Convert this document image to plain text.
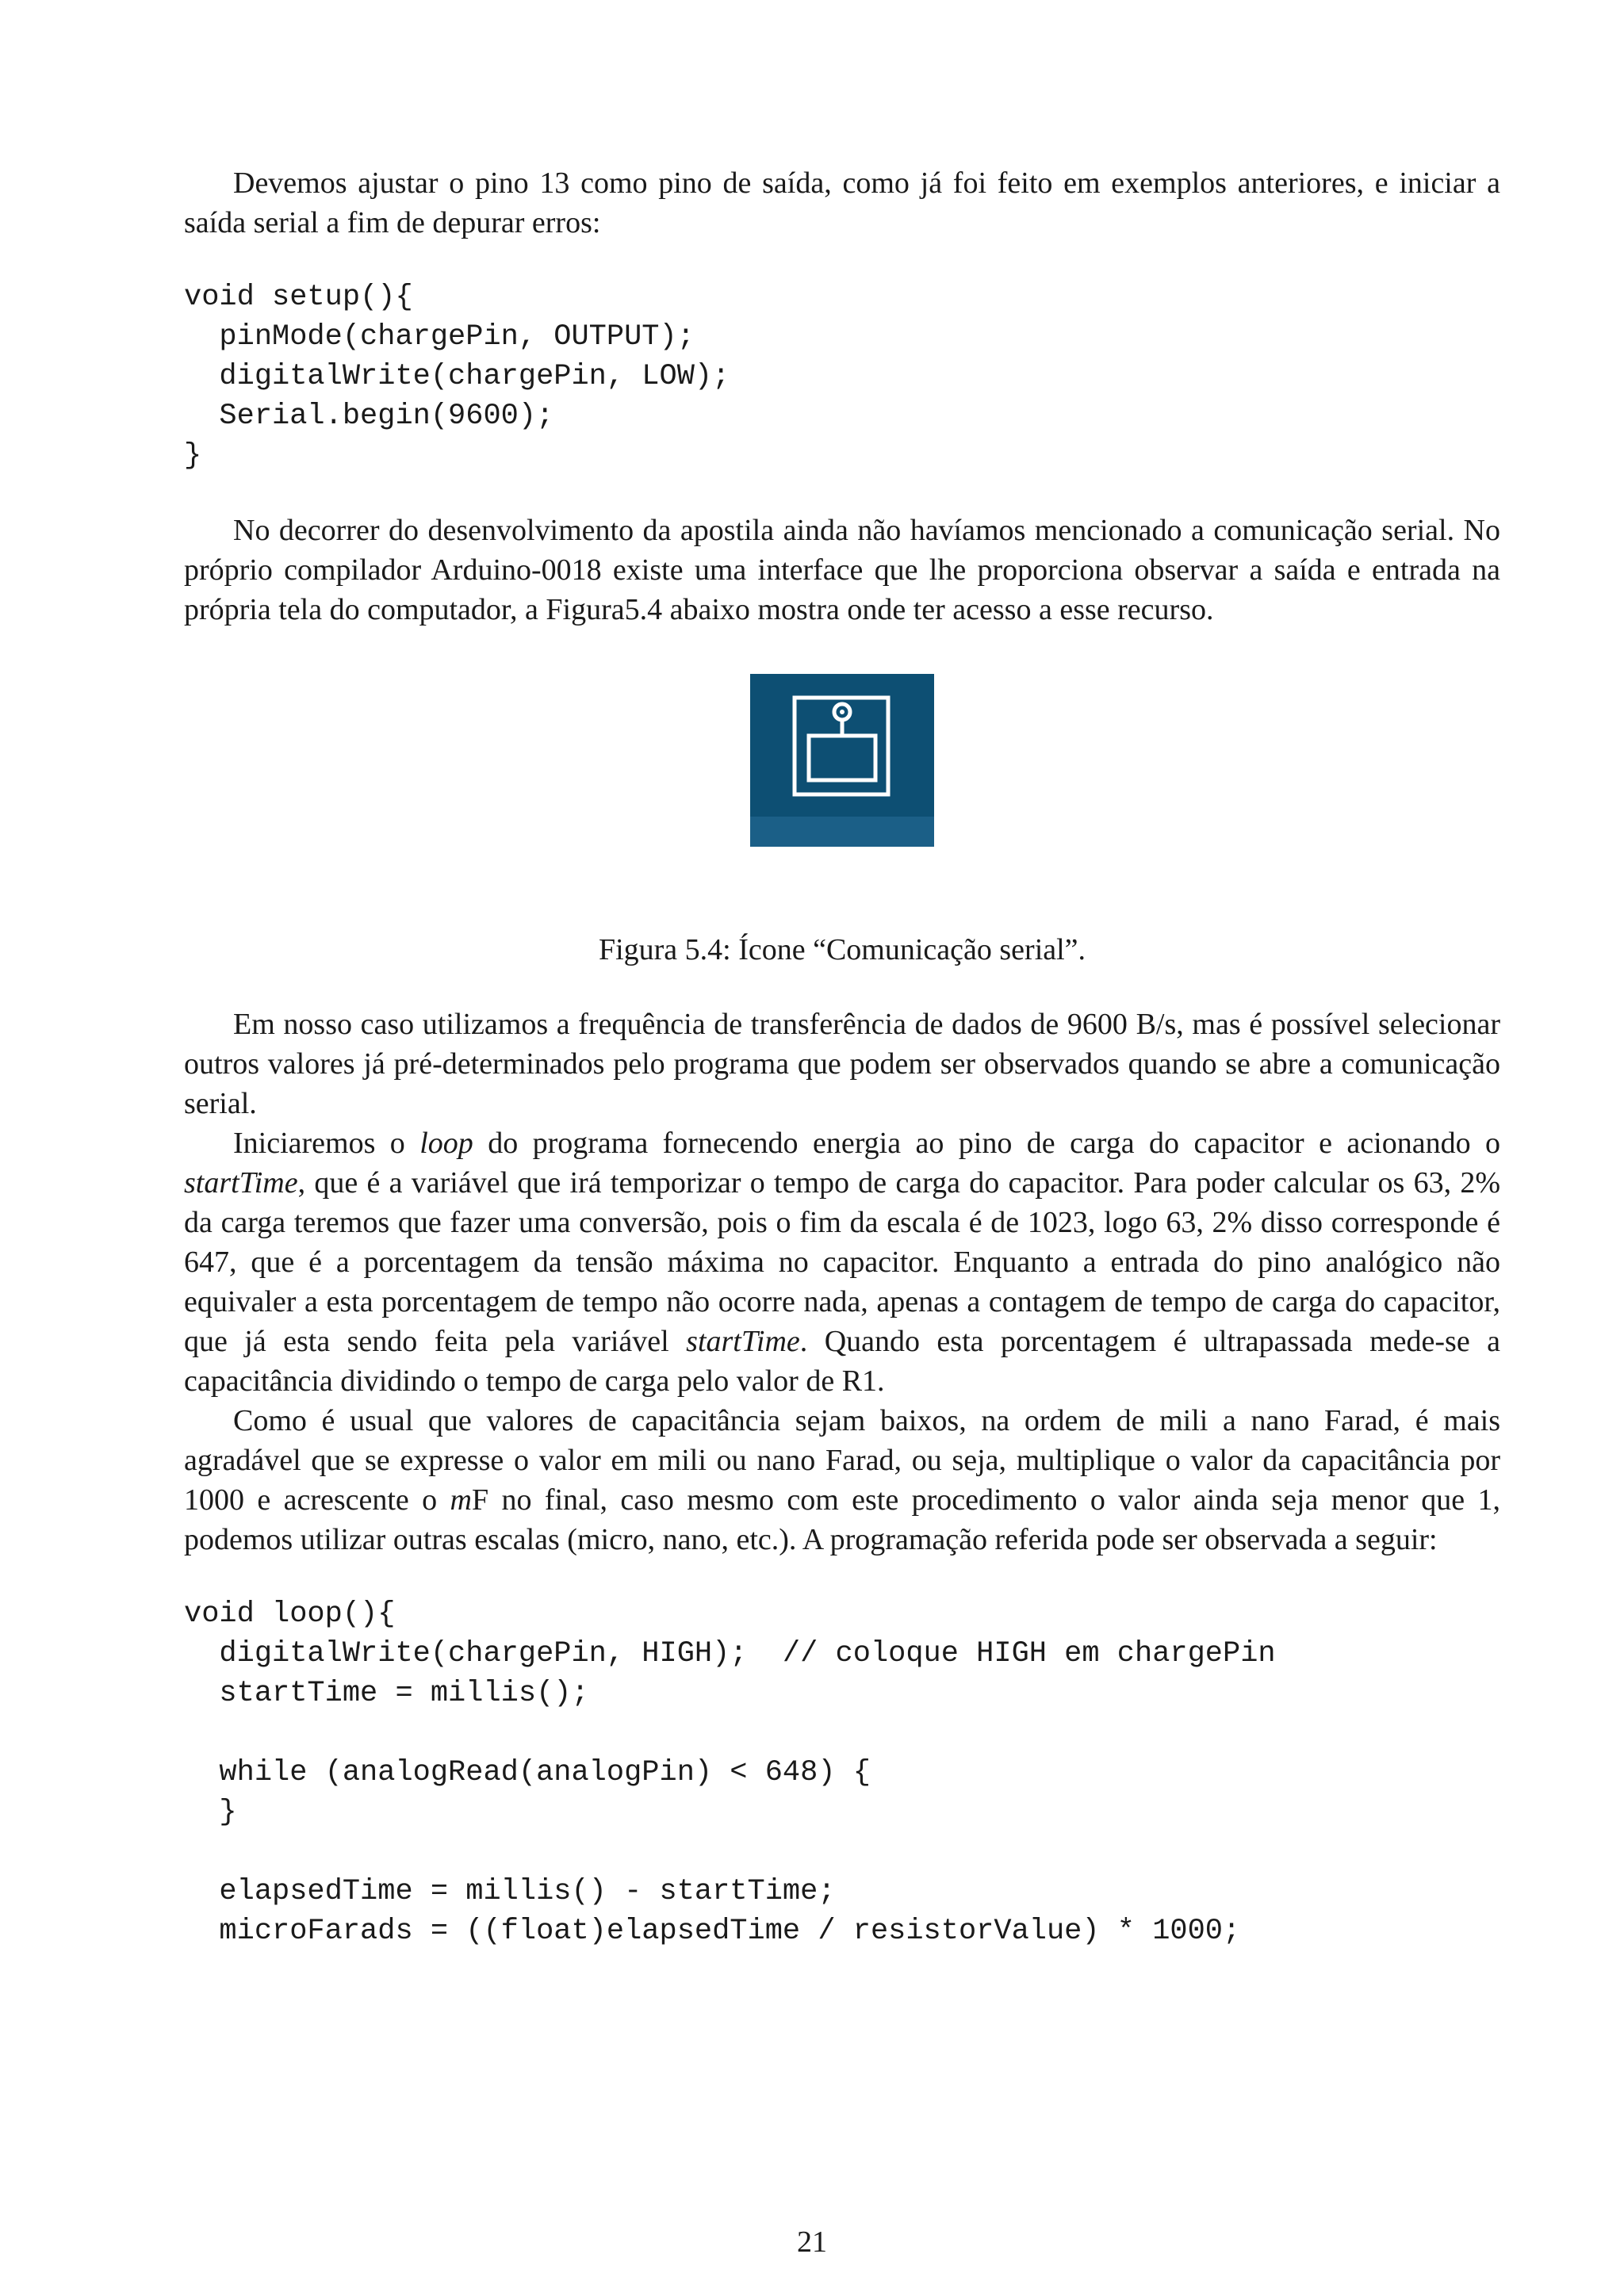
Devemos ajustar o pino 13 como pino de saída, como já foi feito em exemplos anteriores, e iniciar a saída serial a fim de depurar erros:

void setup(){
pinMode(chargePin, OUTPUT);
digitalWrite(chargePin, LOW);
Serial.begin(9600);
}

No decorrer do desenvolvimento da apostila ainda não havíamos mencionado a comunicação serial. No próprio compilador Arduino-0018 existe uma interface que lhe proporciona observar a saída e entrada na própria tela do computador, a Figura5.4 abaixo mostra onde ter acesso a esse recurso.

Figura 5.4: Ícone “Comunicação serial”.

Em nosso caso utilizamos a frequência de transferência de dados de 9600 B/s, mas é possível selecionar outros valores já pré-determinados pelo programa que podem ser observados quando se abre a comunicação serial.

Iniciaremos o loop do programa fornecendo energia ao pino de carga do capacitor e acionando o startTime, que é a variável que irá temporizar o tempo de carga do capacitor. Para poder calcular os 63, 2% da carga teremos que fazer uma conversão, pois o fim da escala é de 1023, logo 63, 2% disso corresponde é 647, que é a porcentagem da tensão máxima no capacitor. Enquanto a entrada do pino analógico não equivaler a esta porcentagem de tempo não ocorre nada, apenas a contagem de tempo de carga do capacitor, que já esta sendo feita pela variável startTime. Quando esta porcentagem é ultrapassada mede-se a capacitância dividindo o tempo de carga pelo valor de R1.

Como é usual que valores de capacitância sejam baixos, na ordem de mili a nano Farad, é mais agradável que se expresse o valor em mili ou nano Farad, ou seja, multiplique o valor da capacitância por 1000 e acrescente o mF no final, caso mesmo com este procedimento o valor ainda seja menor que 1, podemos utilizar outras escalas (micro, nano, etc.). A programação referida pode ser observada a seguir:

void loop(){
digitalWrite(chargePin, HIGH);  // coloque HIGH em chargePin
startTime = millis();
while (analogRead(analogPin) < 648) {
}
elapsedTime = millis() - startTime;
microFarads = ((float)elapsedTime / resistorValue) * 1000;
21
